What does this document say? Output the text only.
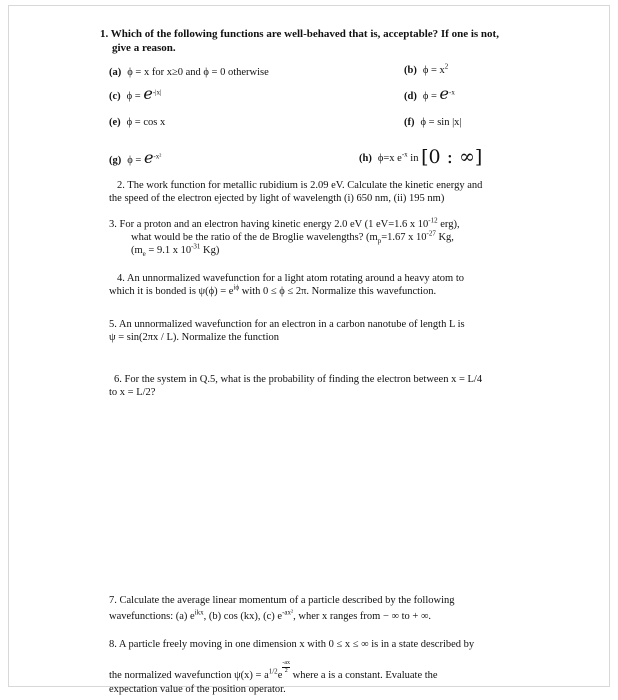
1. Which of the following functions are well-behaved that is, acceptable? If one is not,
give a reason.
(a) ϕ = x for x≥0 and ϕ = 0 otherwise	(b) $\phi = x^2$
(c) $\phi = e^{-|x|}$	(d) $\phi = e^{-x}$
(e) ϕ = cos x	(f) ϕ = sin |x|
(g) $\phi = e^{-x^2}$	(h) ϕ=x $e^{-x}$ in [0 : ∞]
2. The work function for metallic rubidium is 2.09 eV. Calculate the kinetic energy and
the speed of the electron ejected by light of wavelength (i) 650 nm, (ii) 195 nm)
3. For a proton and an electron having kinetic energy 2.0 eV (1 eV=1.6 x $10^{-12}$ erg),
what would be the ratio of the de Broglie wavelengths? ($m_p=1.67$ x $10^{-27}$ Kg,
($m_e = 9.1$ x $10^{-31}$ Kg)
4. An unnormalized wavefunction for a light atom rotating around a heavy atom to
which it is bonded is $\psi(\phi) = e^{i\phi}$ with 0 ≤ ϕ ≤ 2π. Normalize this wavefunction.
5. An unnormalized wavefunction for an electron in a carbon nanotube of length L is
ψ = sin(2πx / L). Normalize the function
6. For the system in Q.5, what is the probability of finding the electron between x = L/4
to x = L/2?
7. Calculate the average linear momentum of a particle described by the following
wavefunctions: (a) $e^{ikx}$, (b) cos (kx), (c) $e^{-ax^2}$, wher x ranges from − ∞ to + ∞.
8. A particle freely moving in one dimension x with 0 ≤ x ≤ ∞ is in a state described by
the normalized wavefunction $\psi(x) = a^{1/2}e$
$\frac{-ax}{2}$
where a is a constant. Evaluate the
expectation value of the position operator.
